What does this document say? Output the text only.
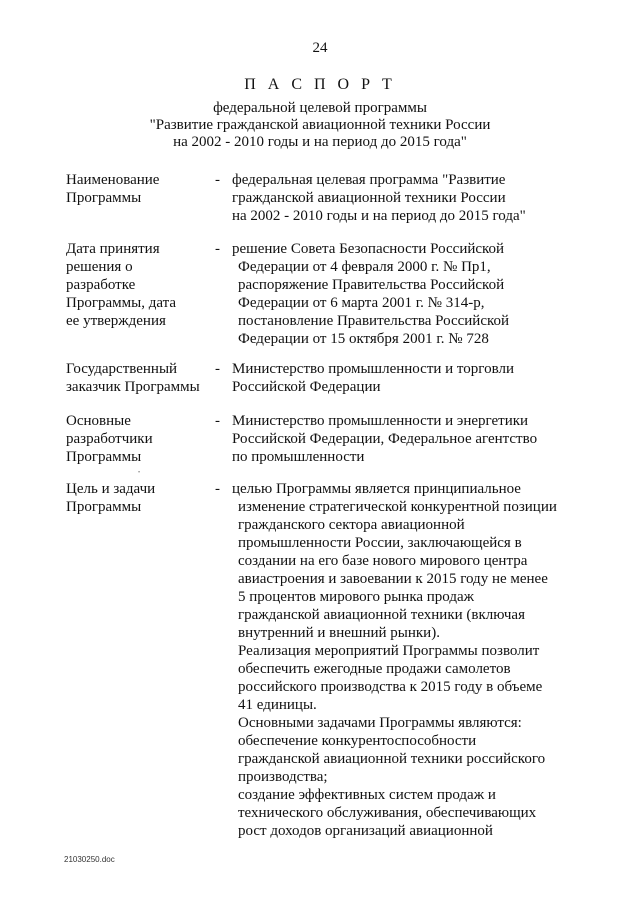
24
П А С П О Р Т
федеральной целевой программы
"Развитие гражданской авиационной техники России
на 2002 - 2010 годы и на период до 2015 года"
Наименование
Программы
- федеральная целевая программа "Развитие
гражданской авиационной техники России
на 2002 - 2010 годы и на период до 2015 года"
Дата принятия
решения о
разработке
Программы, дата
ее утверждения
- решение Совета Безопасности Российской
Федерации от 4 февраля 2000 г. № Пр1,
распоряжение Правительства Российской
Федерации от 6 марта 2001 г. № 314-р,
постановление Правительства Российской
Федерации от 15 октября 2001 г. № 728
Государственный
заказчик Программы
- Министерство промышленности и торговли
Российской Федерации
Основные
разработчики
Программы
- Министерство промышленности и энергетики
Российской Федерации, Федеральное агентство
по промышленности
•
Цель и задачи
Программы
- целью Программы является принципиальное
изменение стратегической конкурентной позиции
гражданского сектора авиационной
промышленности России, заключающейся в
создании на его базе нового мирового центра
авиастроения и завоевании к 2015 году не менее
5 процентов мирового рынка продаж
гражданской авиационной техники (включая
внутренний и внешний рынки).
Реализация мероприятий Программы позволит
обеспечить ежегодные продажи самолетов
российского производства к 2015 году в объеме
41 единицы.
Основными задачами Программы являются:
обеспечение конкурентоспособности
гражданской авиационной техники российского
производства;
создание эффективных систем продаж и
технического обслуживания, обеспечивающих
рост доходов организаций авиационной
21030250.doc
